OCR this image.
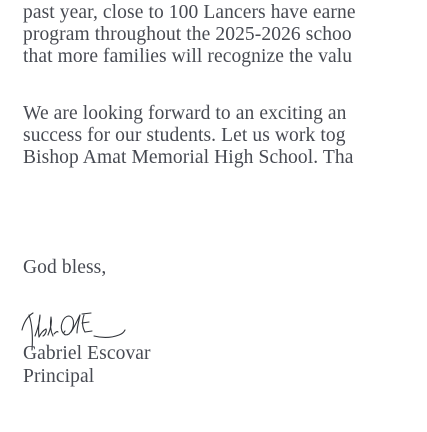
past year, close to 100 Lancers have earne
program throughout the 2025-2026 schoo
that more families will recognize the valu
We are looking forward to an exciting an
success for our students. Let us work tog
Bishop Amat Memorial High School. Tha
God bless,
Gabriel Escovar
Principal
